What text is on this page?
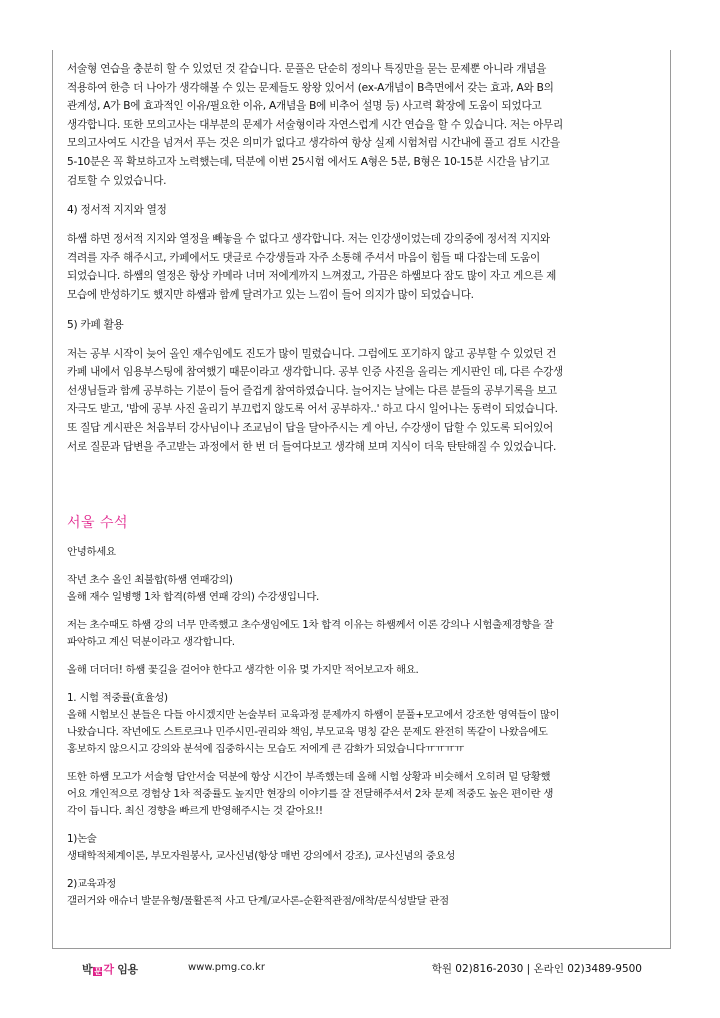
서술형 연습을 충분히 할 수 있었던 것 같습니다. 문풀은 단순히 정의나 특징만을 묻는 문제뿐 아니라 개념을
적용하여 한층 더 나아가 생각해볼 수 있는 문제들도 왕왕 있어서 (ex-A개념이 B측면에서 갖는 효과, A와 B의
관계성, A가 B에 효과적인 이유/필요한 이유, A개념을 B에 비추어 설명 등) 사고력 확장에 도움이 되었다고
생각합니다. 또한 모의고사는 대부분의 문제가 서술형이라 자연스럽게 시간 연습을 할 수 있습니다. 저는 아무리
모의고사여도 시간을 넘겨서 푸는 것은 의미가 없다고 생각하여 항상 실제 시험처럼 시간내에 풀고 검토 시간을
5-10분은 꼭 확보하고자 노력했는데, 덕분에 이번 25시험 에서도 A형은 5분, B형은 10-15분 시간을 남기고
검토할 수 있었습니다.

4) 정서적 지지와 열정

하쌤 하면 정서적 지지와 열정을 빼놓을 수 없다고 생각합니다. 저는 인강생이었는데 강의중에 정서적 지지와
격려를 자주 해주시고, 카페에서도 댓글로 수강생들과 자주 소통해 주셔서 마음이 힘들 때 다잡는데 도움이
되었습니다. 하쌤의 열정은 항상 카메라 너머 저에게까지 느껴졌고, 가끔은 하쌤보다 잠도 많이 자고 게으른 제
모습에 반성하기도 했지만 하쌤과 함께 달려가고 있는 느낌이 들어 의지가 많이 되었습니다.

5) 카페 활용

저는 공부 시작이 늦어 올인 재수임에도 진도가 많이 밀렸습니다. 그럼에도 포기하지 않고 공부할 수 있었던 건
카페 내에서 임용부스팅에 참여했기 때문이라고 생각합니다. 공부 인증 사진을 올리는 게시판인 데, 다른 수강생
선생님들과 함께 공부하는 기분이 들어 즐겁게 참여하였습니다. 늘어지는 날에는 다른 분들의 공부기록을 보고
자극도 받고, '밤에 공부 사진 올리기 부끄럽지 않도록 어서 공부하자..' 하고 다시 일어나는 동력이 되었습니다.
또 질답 게시판은 처음부터 강사님이나 조교님이 답을 달아주시는 게 아닌, 수강생이 답할 수 있도록 되어있어
서로 질문과 답변을 주고받는 과정에서 한 번 더 들여다보고 생각해 보며 지식이 더욱 탄탄해질 수 있었습니다.

서울 수석

안녕하세요

작년 초수 올인 최불합(하쌤 연패강의)
올해 재수 일병행 1차 합격(하쌤 연패 강의) 수강생입니다.

저는 초수때도 하쌤 강의 너무 만족했고 초수생임에도 1차 합격 이유는 하쌤께서 이론 강의나 시험출제경향을 잘
파악하고 계신 덕분이라고 생각합니다.

올해 더더더! 하쌤 꽃길을 걸어야 한다고 생각한 이유 몇 가지만 적어보고자 해요.

1. 시험 적중률(효율성)
올해 시험보신 분들은 다들 아시겠지만 논술부터 교육과정 문제까지 하쌤이 문풀+모고에서 강조한 영역들이 많이
나왔습니다. 작년에도 스트로크나 민주시민-권리와 책임, 부모교육 명칭 같은 문제도 완전히 똑같이 나왔음에도
홍보하지 않으시고 강의와 분석에 집중하시는 모습도 저에게 큰 감화가 되었습니다ㅠㅠㅠㅠ

또한 하쌤 모고가 서술형 답안서술 덕분에 항상 시간이 부족했는데 올해 시험 상황과 비슷해서 오히려 덜 당황했
어요 개인적으로 경험상 1차 적중률도 높지만 현장의 이야기를 잘 전달해주셔서 2차 문제 적중도 높은 편이란 생
각이 듭니다. 최신 경향을 빠르게 반영해주시는 것 같아요!!

1)논술
생태학적체계이론, 부모자원봉사, 교사신념(항상 매번 강의에서 강조), 교사신념의 중요성

2)교육과정
갤러거와 애슈너 발문유형/물활론적 사고 단계/교사론-순환적관점/애착/문식성발달 관점

박 문 각 임용	www.pmg.co.kr	학원 02)816-2030 | 온라인 02)3489-9500
